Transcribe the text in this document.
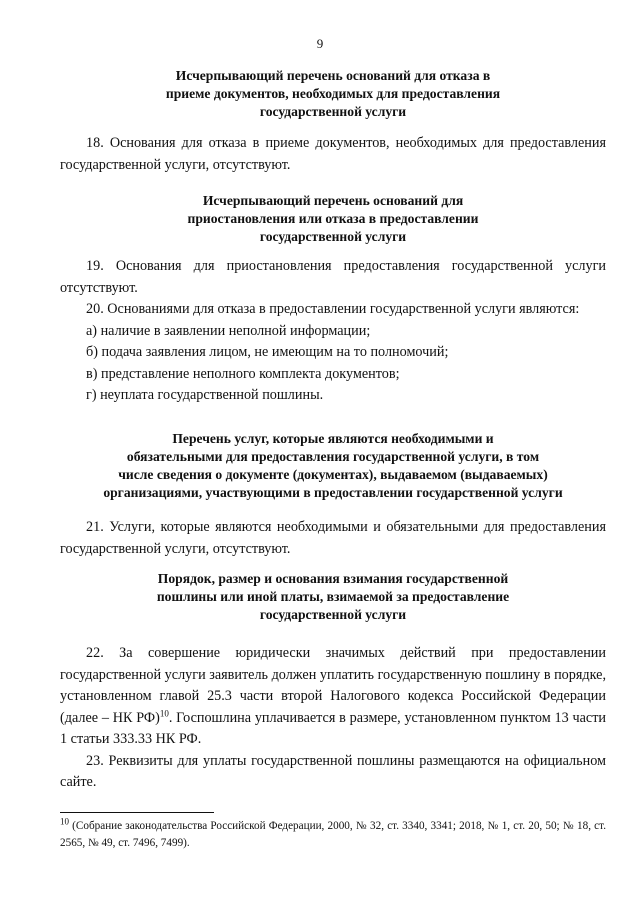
9
Исчерпывающий перечень оснований для отказа в
приеме документов, необходимых для предоставления
государственной услуги

18. Основания для отказа в приеме документов, необходимых для предоставления государственной услуги, отсутствуют.

Исчерпывающий перечень оснований для
приостановления или отказа в предоставлении
государственной услуги

19. Основания для приостановления предоставления государственной услуги отсутствуют.

20. Основаниями для отказа в предоставлении государственной услуги являются:

а) наличие в заявлении неполной информации;

б) подача заявления лицом, не имеющим на то полномочий;

в) представление неполного комплекта документов;

г) неуплата государственной пошлины.

Перечень услуг, которые являются необходимыми и
обязательными для предоставления государственной услуги, в том
числе сведения о документе (документах), выдаваемом (выдаваемых)
организациями, участвующими в предоставлении государственной услуги

21. Услуги, которые являются необходимыми и обязательными для предоставления государственной услуги, отсутствуют.

Порядок, размер и основания взимания государственной
пошлины или иной платы, взимаемой за предоставление
государственной услуги

22. За совершение юридически значимых действий при предоставлении государственной услуги заявитель должен уплатить государственную пошлину в порядке, установленном главой 25.3 части второй Налогового кодекса Российской Федерации (далее – НК РФ)$^{10}$. Госпошлина уплачивается в размере, установленном пунктом 13 части 1 статьи 333.33 НК РФ.

23. Реквизиты для уплаты государственной пошлины размещаются на официальном сайте.

$^{10}$ (Собрание законодательства Российской Федерации, 2000, № 32, ст. 3340, 3341; 2018, № 1, ст. 20, 50; № 18, ст. 2565, № 49, ст. 7496, 7499).
